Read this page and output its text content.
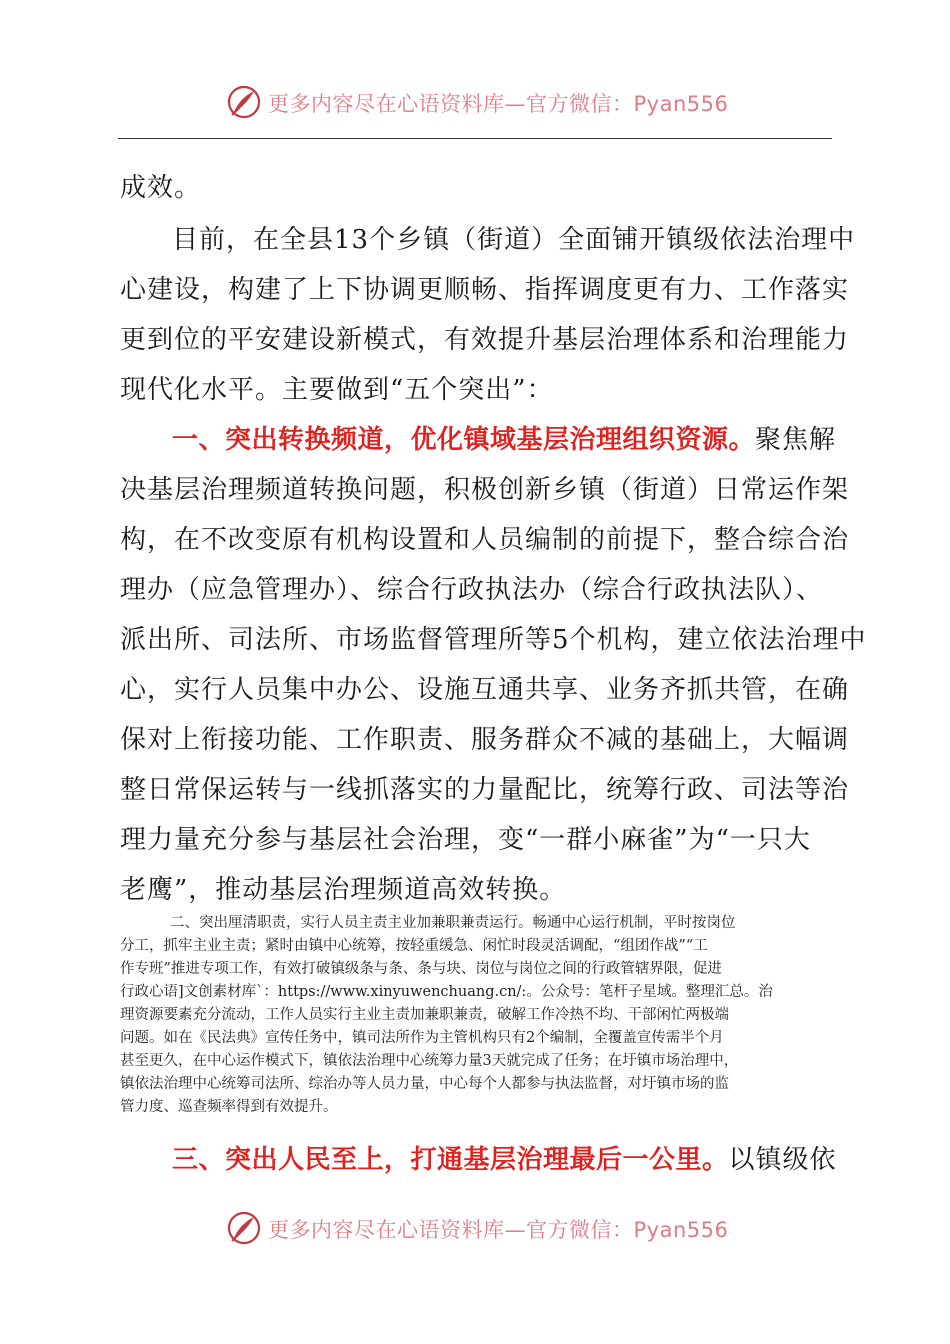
更多内容尽在心语资料库—官方微信：Pyan556
成效。
目前，在全县13个乡镇（街道）全面铺开镇级依法治理中
心建设，构建了上下协调更顺畅、指挥调度更有力、工作落实
更到位的平安建设新模式，有效提升基层治理体系和治理能力
现代化水平。主要做到“五个突出”：
一、突出转换频道，优化镇域基层治理组织资源。聚焦解
决基层治理频道转换问题，积极创新乡镇（街道）日常运作架
构，在不改变原有机构设置和人员编制的前提下，整合综合治
理办（应急管理办）、综合行政执法办（综合行政执法队）、
派出所、司法所、市场监督管理所等5个机构，建立依法治理中
心，实行人员集中办公、设施互通共享、业务齐抓共管，在确
保对上衔接功能、工作职责、服务群众不减的基础上，大幅调
整日常保运转与一线抓落实的力量配比，统筹行政、司法等治
理力量充分参与基层社会治理，变“一群小麻雀”为“一只大
老鹰”，推动基层治理频道高效转换。
二、突出厘清职责，实行人员主责主业加兼职兼责运行。畅通中心运行机制，平时按岗位
分工，抓牢主业主责；紧时由镇中心统筹，按轻重缓急、闲忙时段灵活调配，“组团作战”“工
作专班”推进专项工作，有效打破镇级条与条、条与块、岗位与岗位之间的行政管辖界限，促进
行政心语]文创素材库`：https://www.xinyuwenchuang.cn/:。公众号：笔杆子星域。整理汇总。治
理资源要素充分流动，工作人员实行主业主责加兼职兼责，破解工作冷热不均、干部闲忙两极端
问题。如在《民法典》宣传任务中，镇司法所作为主管机构只有2个编制，全覆盖宣传需半个月
甚至更久，在中心运作模式下，镇依法治理中心统筹力量3天就完成了任务；在圩镇市场治理中，
镇依法治理中心统筹司法所、综治办等人员力量，中心每个人都参与执法监督，对圩镇市场的监
管力度、巡查频率得到有效提升。
三、突出人民至上，打通基层治理最后一公里。以镇级依
更多内容尽在心语资料库—官方微信：Pyan556
